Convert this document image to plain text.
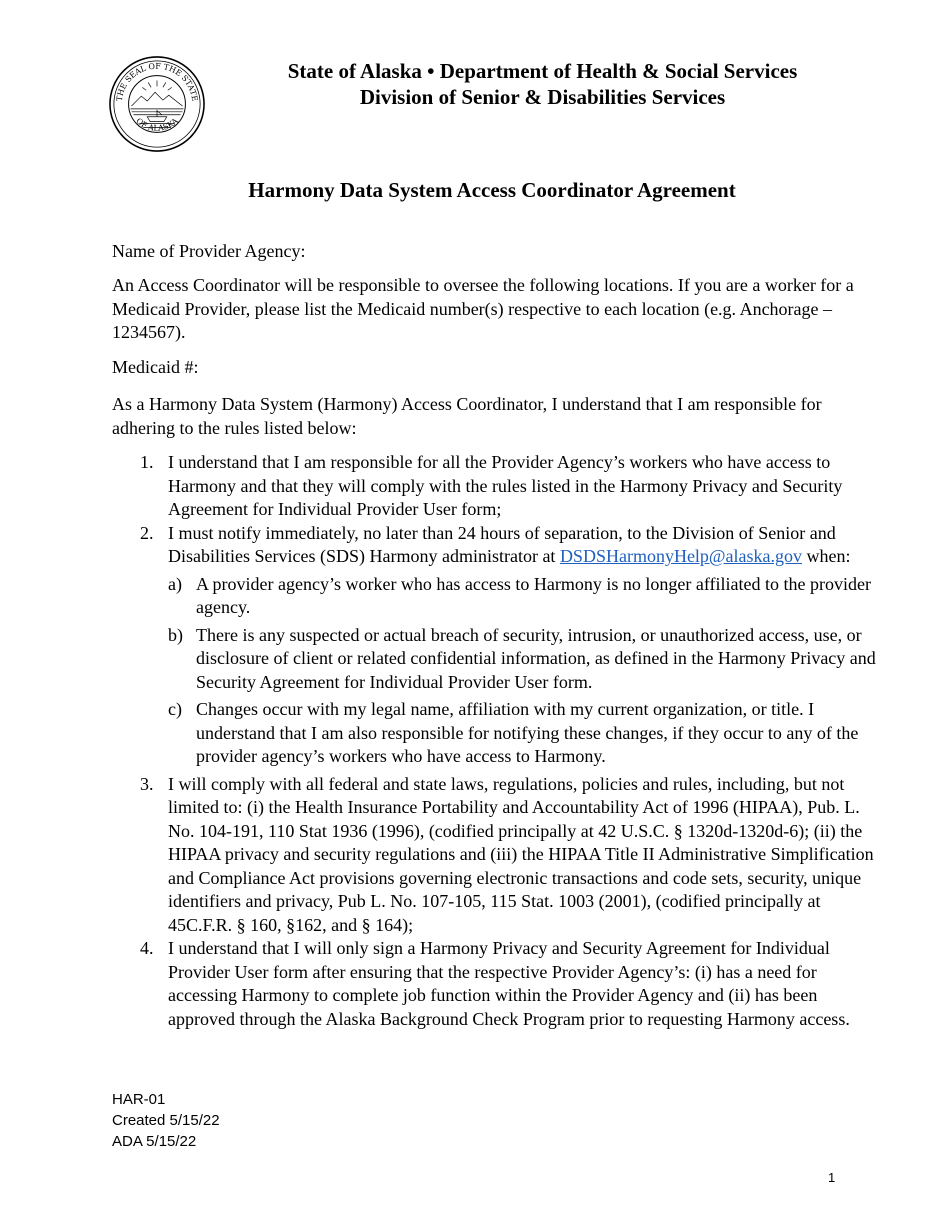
THE SEAL OF THE STATE
OF ALASKA
State of Alaska • Department of Health & Social Services
Division of Senior & Disabilities Services
Harmony Data System Access Coordinator Agreement
Name of Provider Agency:
An Access Coordinator will be responsible to oversee the following locations. If you are a worker for a Medicaid Provider, please list the Medicaid number(s) respective to each location (e.g. Anchorage – 1234567).
Medicaid #:
As a Harmony Data System (Harmony) Access Coordinator, I understand that I am responsible for adhering to the rules listed below:
1. I understand that I am responsible for all the Provider Agency’s workers who have access to Harmony and that they will comply with the rules listed in the Harmony Privacy and Security Agreement for Individual Provider User form;
2. I must notify immediately, no later than 24 hours of separation, to the Division of Senior and Disabilities Services (SDS) Harmony administrator at DSDSHarmonyHelp@alaska.gov when:
a) A provider agency’s worker who has access to Harmony is no longer affiliated to the provider agency.
b) There is any suspected or actual breach of security, intrusion, or unauthorized access, use, or disclosure of client or related confidential information, as defined in the Harmony Privacy and Security Agreement for Individual Provider User form.
c) Changes occur with my legal name, affiliation with my current organization, or title. I understand that I am also responsible for notifying these changes, if they occur to any of the provider agency’s workers who have access to Harmony.
3. I will comply with all federal and state laws, regulations, policies and rules, including, but not limited to: (i) the Health Insurance Portability and Accountability Act of 1996 (HIPAA), Pub. L. No. 104-191, 110 Stat 1936 (1996), (codified principally at 42 U.S.C. § 1320d-1320d-6); (ii) the HIPAA privacy and security regulations and (iii) the HIPAA Title II Administrative Simplification and Compliance Act provisions governing electronic transactions and code sets, security, unique identifiers and privacy, Pub L. No. 107-105, 115 Stat. 1003 (2001), (codified principally at 45C.F.R. § 160, §162, and § 164);
4. I understand that I will only sign a Harmony Privacy and Security Agreement for Individual Provider User form after ensuring that the respective Provider Agency’s: (i) has a need for accessing Harmony to complete job function within the Provider Agency and (ii) has been approved through the Alaska Background Check Program prior to requesting Harmony access.
HAR-01
Created 5/15/22
ADA 5/15/22
1
